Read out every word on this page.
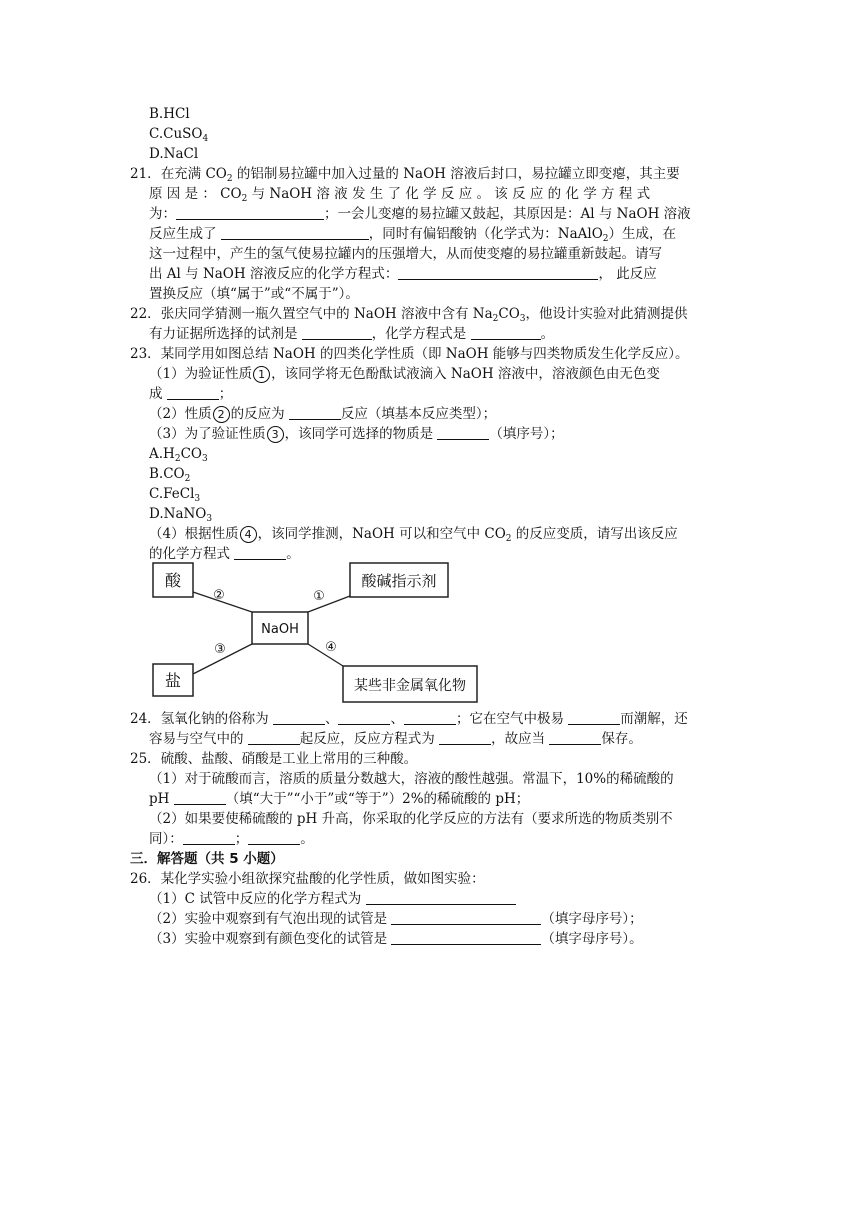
B.HCl
C.CuSO$_4$
D.NaCl
21．在充满 $CO_2$ 的铝制易拉罐中加入过量的 NaOH 溶液后封口，易拉罐立即变瘪，其主要
原 因 是 ： $CO_2$ 与 NaOH 溶 液 发 生 了 化 学 反 应 。 该 反 应 的 化 学 方 程 式
为：	；一会儿变瘪的易拉罐又鼓起，其原因是：Al 与 NaOH 溶液
反应生成了	，同时有偏铝酸钠（化学式为：NaAlO$_2$）生成，在
这一过程中，产生的氢气使易拉罐内的压强增大，从而使变瘪的易拉罐重新鼓起。请写
出 Al 与 NaOH 溶液反应的化学方程式：	， 此反应
置换反应（填“属于”或“不属于”）。
22．张庆同学猜测一瓶久置空气中的 NaOH 溶液中含有 $Na_2CO_3$，他设计实验对此猜测提供
有力证据所选择的试剂是	，化学方程式是	。
23．某同学用如图总结 NaOH 的四类化学性质（即 NaOH 能够与四类物质发生化学反应）。
（1）为验证性质 1 ，该同学将无色酚酞试液滴入 NaOH 溶液中，溶液颜色由无色变
成	；
（2）性质 2 的反应为	反应（填基本反应类型）；
（3）为了验证性质 3 ，该同学可选择的物质是	（填序号）；
$A.H_2CO_3$
$B.CO_2$
C.FeCl$_3$
D.NaNO$_3$
（4）根据性质 4 ，该同学推测，NaOH 可以和空气中 $CO_2$ 的反应变质，请写出该反应
的化学方程式	。
酸	酸碱指示剂
NaOH
盐	某些非金属氧化物
②	①
③	④
24．氢氧化钠的俗称为	、	、	；它在空气中极易	而潮解，还
容易与空气中的	起反应，反应方程式为	，故应当	保存。
25．硫酸、盐酸、硝酸是工业上常用的三种酸。
（1）对于硫酸而言，溶质的质量分数越大，溶液的酸性越强。常温下，10%的稀硫酸的
pH	（填“大于”“小于”或“等于”）2%的稀硫酸的 pH；
（2）如果要使稀硫酸的 pH 升高，你采取的化学反应的方法有（要求所选的物质类别不
同）：	；	。
三．解答题（共 5 小题）
26．某化学实验小组欲探究盐酸的化学性质，做如图实验：
（1）C 试管中反应的化学方程式为
（2）实验中观察到有气泡出现的试管是	（填字母序号）；
（3）实验中观察到有颜色变化的试管是	（填字母序号）。
